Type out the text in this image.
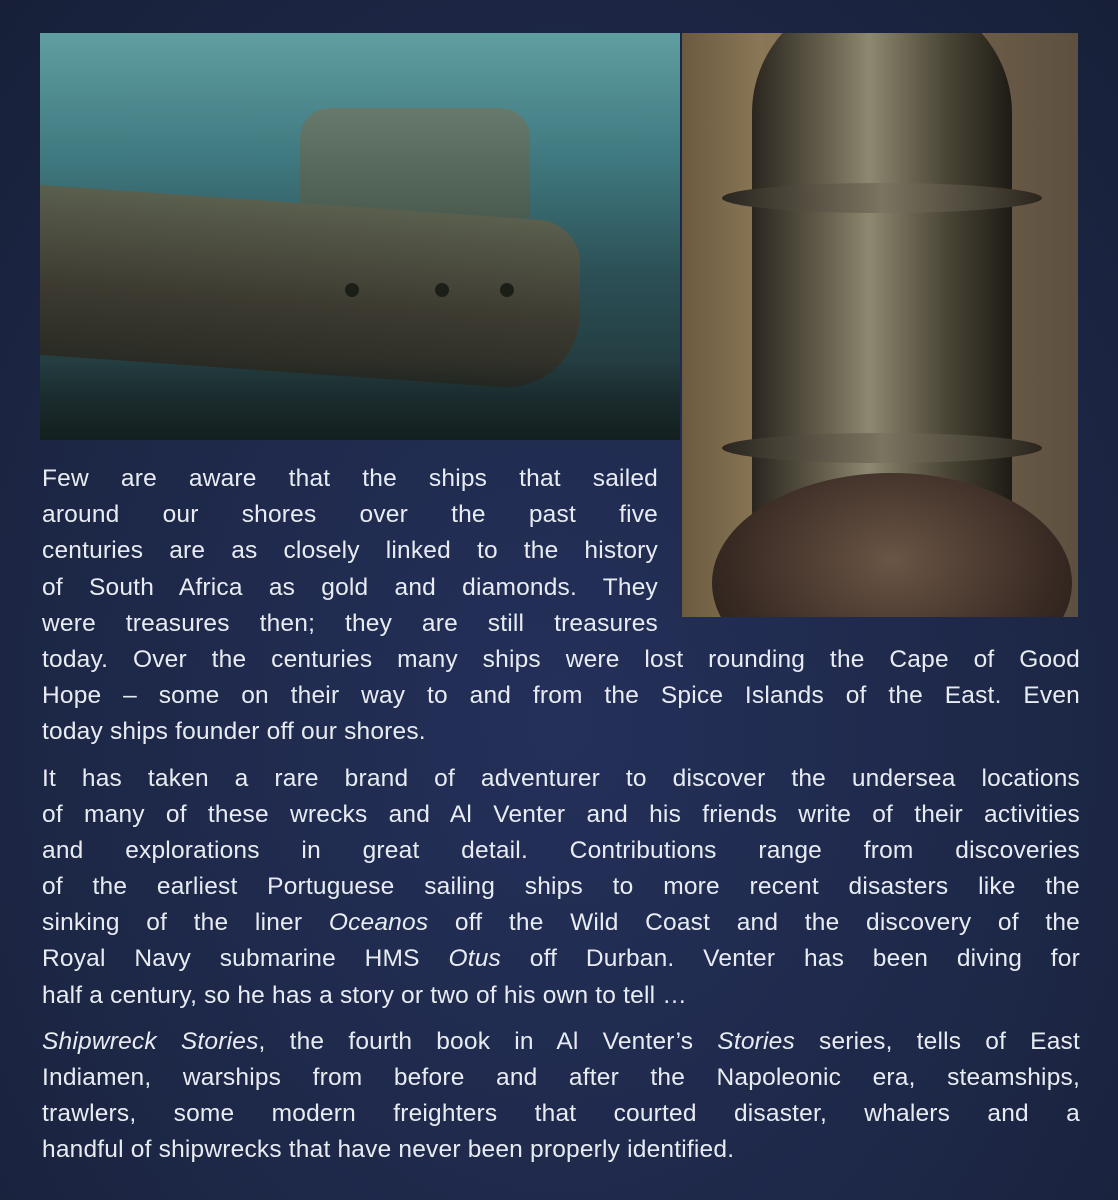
Few are aware that the ships that sailed
around our shores over the past five
centuries are as closely linked to the history
of South Africa as gold and diamonds. They
were treasures then; they are still treasures
today. Over the centuries many ships were lost rounding the Cape of Good
Hope – some on their way to and from the Spice Islands of the East. Even
today ships founder off our shores.
It has taken a rare brand of adventurer to discover the undersea locations
of many of these wrecks and Al Venter and his friends write of their activities
and explorations in great detail. Contributions range from discoveries
of the earliest Portuguese sailing ships to more recent disasters like the
sinking of the liner Oceanos off the Wild Coast and the discovery of the
Royal Navy submarine HMS Otus off Durban. Venter has been diving for
half a century, so he has a story or two of his own to tell …
Shipwreck Stories, the fourth book in Al Venter’s Stories series, tells of East
Indiamen, warships from before and after the Napoleonic era, steamships,
trawlers, some modern freighters that courted disaster, whalers and a
handful of shipwrecks that have never been properly identified.
